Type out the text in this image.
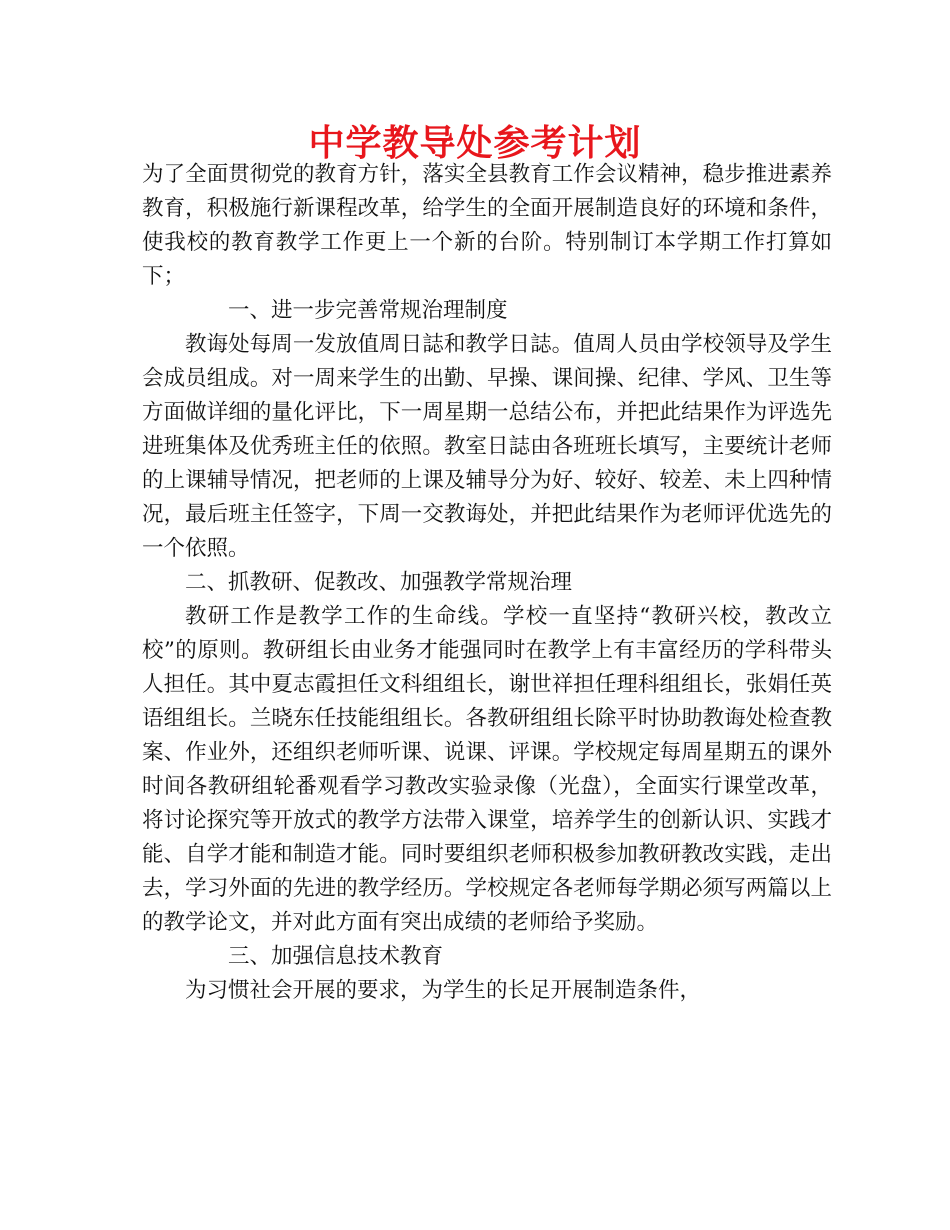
中学教导处参考计划

为了全面贯彻党的教育方针，落实全县教育工作会议精神，稳步推进素养教育，积极施行新课程改革，给学生的全面开展制造良好的环境和条件，使我校的教育教学工作更上一个新的台阶。特别制订本学期工作打算如下；

一、进一步完善常规治理制度

教诲处每周一发放值周日誌和教学日誌。值周人员由学校领导及学生会成员组成。对一周来学生的出勤、早操、课间操、纪律、学风、卫生等方面做详细的量化评比，下一周星期一总结公布，并把此结果作为评选先进班集体及优秀班主任的依照。教室日誌由各班班长填写，主要统计老师的上课辅导情况，把老师的上课及辅导分为好、较好、较差、未上四种情况，最后班主任签字，下周一交教诲处，并把此结果作为老师评优选先的一个依照。

二、抓教研、促教改、加强教学常规治理

教研工作是教学工作的生命线。学校一直坚持“教研兴校，教改立校”的原则。教研组长由业务才能强同时在教学上有丰富经历的学科带头人担任。其中夏志霞担任文科组组长，谢世祥担任理科组组长，张娟任英语组组长。兰晓东任技能组组长。各教研组组长除平时协助教诲处检查教案、作业外，还组织老师听课、说课、评课。学校规定每周星期五的课外时间各教研组轮番观看学习教改实验录像（光盘），全面实行课堂改革，将讨论探究等开放式的教学方法带入课堂，培养学生的创新认识、实践才能、自学才能和制造才能。同时要组织老师积极参加教研教改实践，走出去，学习外面的先进的教学经历。学校规定各老师每学期必须写两篇以上的教学论文，并对此方面有突出成绩的老师给予奖励。

三、加强信息技术教育

为习惯社会开展的要求，为学生的长足开展制造条件，
